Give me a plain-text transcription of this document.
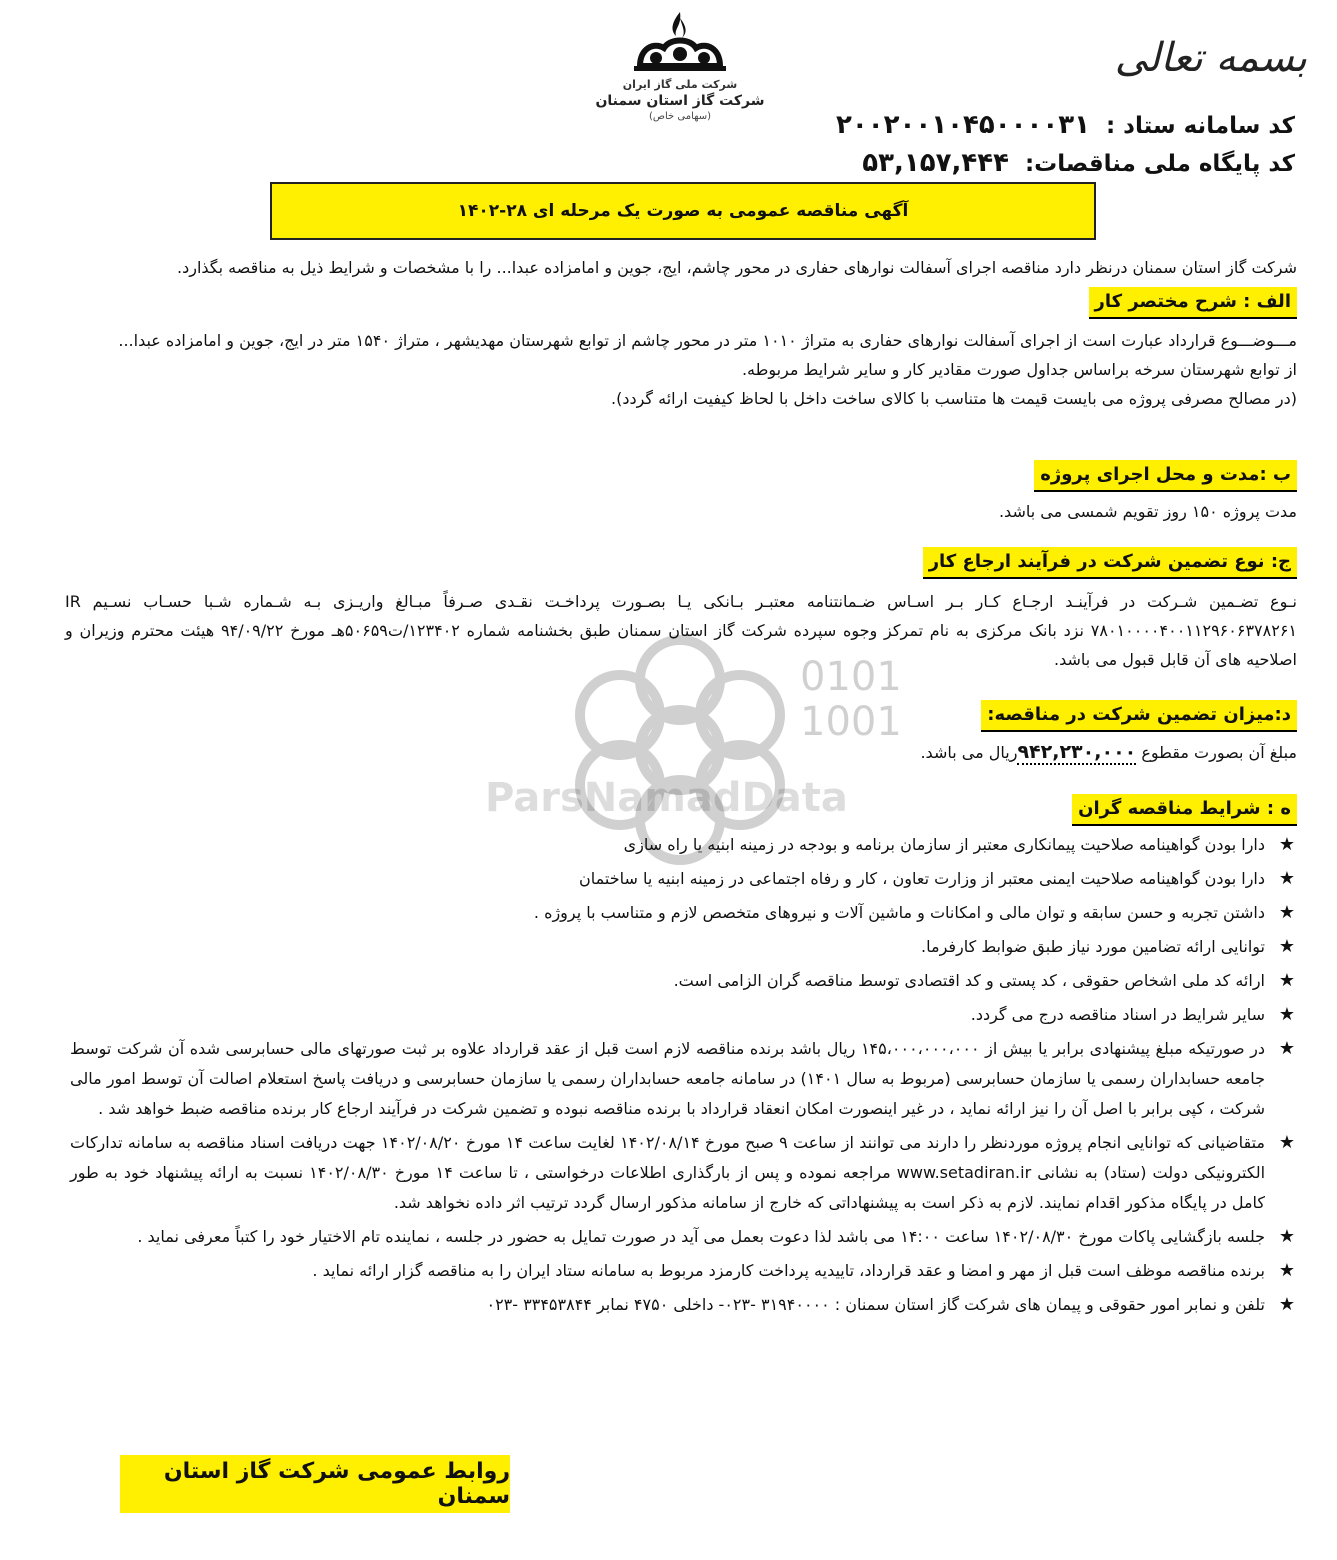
بسمه تعالی
شرکت ملی گاز ایران
شرکت گاز استان سمنان
(سهامی خاص)	کد سامانه ستاد : ۲۰۰۲۰۰۱۰۴۵۰۰۰۰۳۱
کد پایگاه ملی مناقصات: ۵۳,۱۵۷,۴۴۴
آگهی مناقصه عمومی به صورت یک مرحله ای ۲۸-۱۴۰۲
0101
1001
ParsNamadData
شرکت گاز استان سمنان درنظر دارد مناقصه اجرای آسفالت نوارهای حفاری در محور چاشم، ایج، جوین و امامزاده عبدا... را با مشخصات و شرایط ذیل به مناقصه بگذارد.
الف : شرح مختصر کار
مـــوضـــوع قرارداد عبارت است از اجرای آسفالت نوارهای حفاری به متراژ ۱۰۱۰ متر در محور چاشم از توابع شهرستان مهدیشهر ، متراژ ۱۵۴۰ متر در ایج، جوین و امامزاده عبدا...
از توابع شهرستان سرخه براساس جداول صورت مقادیر کار و سایر شرایط مربوطه.
(در مصالح مصرفی پروژه می بایست قیمت ها متناسب با کالای ساخت داخل با لحاظ کیفیت ارائه گردد).
ب :مدت و محل اجرای پروژه
مدت پروژه ۱۵۰ روز تقویم شمسی می باشد.
ج: نوع تضمین شرکت در فرآیند ارجاع کار
نـوع تضـمین شـرکت در فرآینـد ارجـاع کـار بـر اسـاس ضـمانتنامه معتبـر بـانکی یـا بصـورت پرداخـت نقـدی صـرفاً مبـالغ واریـزی بـه شـماره شـبا حسـاب نسـیم IR ۷۸۰۱۰۰۰۰۴۰۰۱۱۲۹۶۰۶۳۷۸۲۶۱ نزد بانک مرکزی به نام تمرکز وجوه سپرده شرکت گاز استان سمنان طبق بخشنامه شماره ۱۲۳۴۰۲/ت۵۰۶۵۹هـ مورخ ۹۴/۰۹/۲۲ هیئت محترم وزیران و اصلاحیه های آن قابل قبول می باشد.
د:میزان تضمین شرکت در مناقصه:
مبلغ آن بصورت مقطوع ۹۴۲,۲۳۰,۰۰۰ریال می باشد.
ه : شرایط مناقصه گران
★
دارا بودن گواهینامه صلاحیت پیمانکاری معتبر از سازمان برنامه و بودجه در زمینه ابنیه یا راه سازی
★
دارا بودن گواهینامه صلاحیت ایمنی معتبر از وزارت تعاون ، کار و رفاه اجتماعی در زمینه ابنیه یا ساختمان
★
داشتن تجربه و حسن سابقه و توان مالی و امکانات و ماشین آلات و نیروهای متخصص لازم و متناسب با پروژه .
★
توانایی ارائه تضامین مورد نیاز طبق ضوابط کارفرما.
★
ارائه کد ملی اشخاص حقوقی ، کد پستی و کد اقتصادی توسط مناقصه گران الزامی است.
★
سایر شرایط در اسناد مناقصه درج می گردد.
★
در صورتیکه مبلغ پیشنهادی برابر یا بیش از ۱۴۵،۰۰۰،۰۰۰،۰۰۰ ریال باشد برنده مناقصه لازم است قبل از عقد قرارداد علاوه بر ثبت صورتهای مالی حسابرسی شده آن شرکت توسط جامعه حسابداران رسمی یا سازمان حسابرسی (مربوط به سال ۱۴۰۱) در سامانه جامعه حسابداران رسمی یا سازمان حسابرسی و دریافت پاسخ استعلام اصالت آن توسط امور مالی شرکت ، کپی برابر با اصل آن را نیز ارائه نماید ، در غیر اینصورت امکان انعقاد قرارداد با برنده مناقصه نبوده و تضمین شرکت در فرآیند ارجاع کار برنده مناقصه ضبط خواهد شد .
★
متقاضیانی که توانایی انجام پروژه موردنظر را دارند می توانند از ساعت ۹ صبح مورخ ۱۴۰۲/۰۸/۱۴ لغایت ساعت ۱۴ مورخ ۱۴۰۲/۰۸/۲۰ جهت دریافت اسناد مناقصه به سامانه تدارکات الکترونیکی دولت (ستاد) به نشانی www.setadiran.ir مراجعه نموده و پس از بارگذاری اطلاعات درخواستی ، تا ساعت ۱۴ مورخ ۱۴۰۲/۰۸/۳۰ نسبت به ارائه پیشنهاد خود به طور کامل در پایگاه مذکور اقدام نمایند. لازم به ذکر است به پیشنهاداتی که خارج از سامانه مذکور ارسال گردد ترتیب اثر داده نخواهد شد.
★
جلسه بازگشایی پاکات مورخ ۱۴۰۲/۰۸/۳۰ ساعت ۱۴:۰۰ می باشد لذا دعوت بعمل می آید در صورت تمایل به حضور در جلسه ، نماینده تام الاختیار خود را کتباً معرفی نماید .
★
برنده مناقصه موظف است قبل از مهر و امضا و عقد قرارداد، تاییدیه پرداخت کارمزد مربوط به سامانه ستاد ایران را به مناقصه گزار ارائه نماید .
★
تلفن و نمابر امور حقوقی و پیمان های شرکت گاز استان سمنان : ۳۱۹۴۰۰۰۰ -۰۲۳- داخلی ۴۷۵۰ نمابر ۳۳۴۵۳۸۴۴ -۰۲۳
روابط عمومی شرکت گاز استان سمنان
